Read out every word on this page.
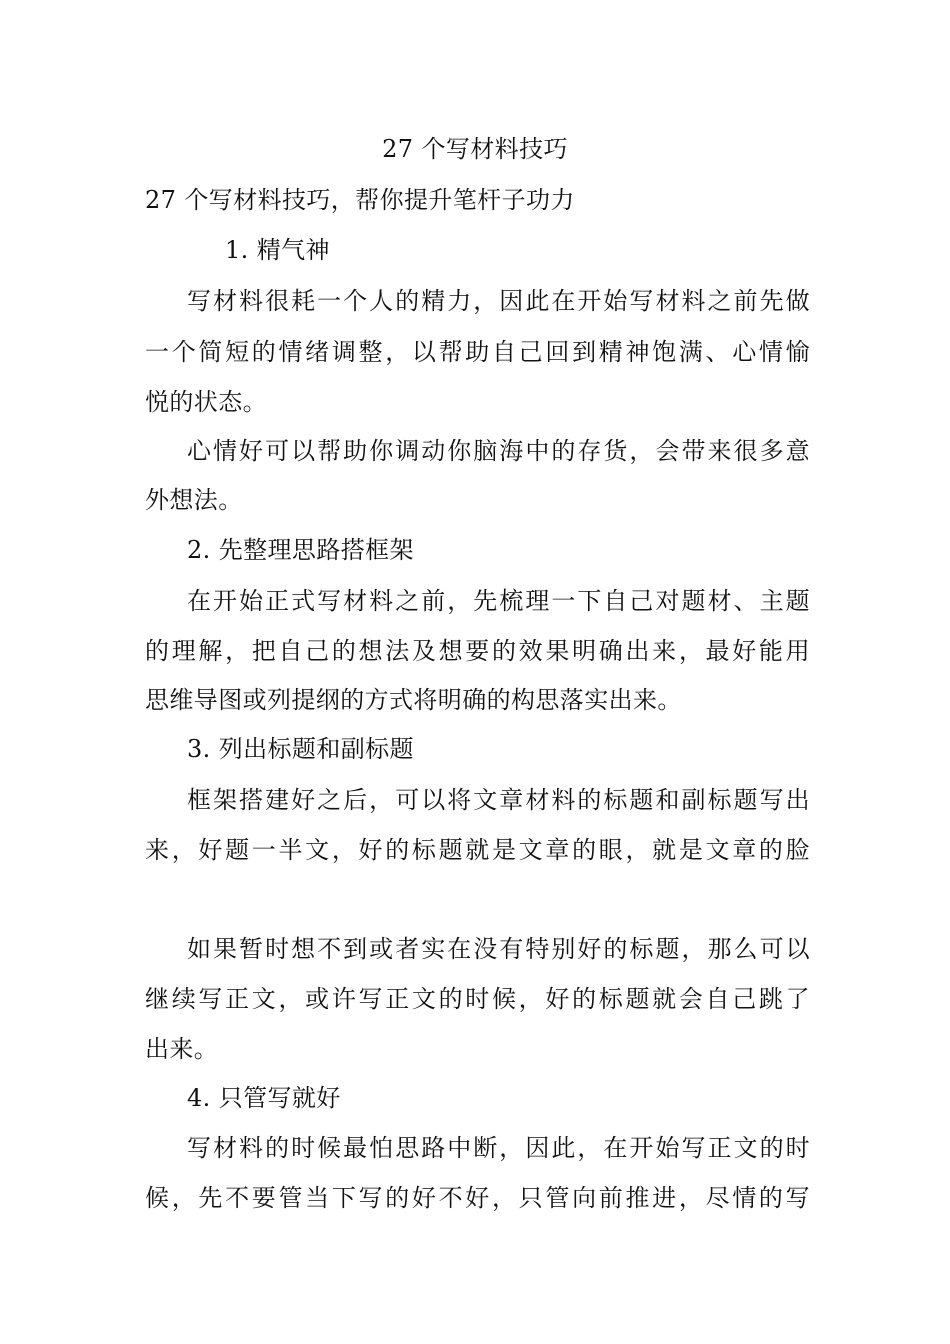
27 个写材料技巧
27 个写材料技巧，帮你提升笔杆子功力
1. 精气神
写材料很耗一个人的精力，因此在开始写材料之前先做
一个简短的情绪调整，以帮助自己回到精神饱满、心情愉
悦的状态。
心情好可以帮助你调动你脑海中的存货，会带来很多意
外想法。
2. 先整理思路搭框架
在开始正式写材料之前，先梳理一下自己对题材、主题
的理解，把自己的想法及想要的效果明确出来，最好能用
思维导图或列提纲的方式将明确的构思落实出来。
3. 列出标题和副标题
框架搭建好之后，可以将文章材料的标题和副标题写出
来，好题一半文，好的标题就是文章的眼，就是文章的脸
如果暂时想不到或者实在没有特别好的标题，那么可以
继续写正文，或许写正文的时候，好的标题就会自己跳了
出来。
4. 只管写就好
写材料的时候最怕思路中断，因此，在开始写正文的时
候，先不要管当下写的好不好，只管向前推进，尽情的写
